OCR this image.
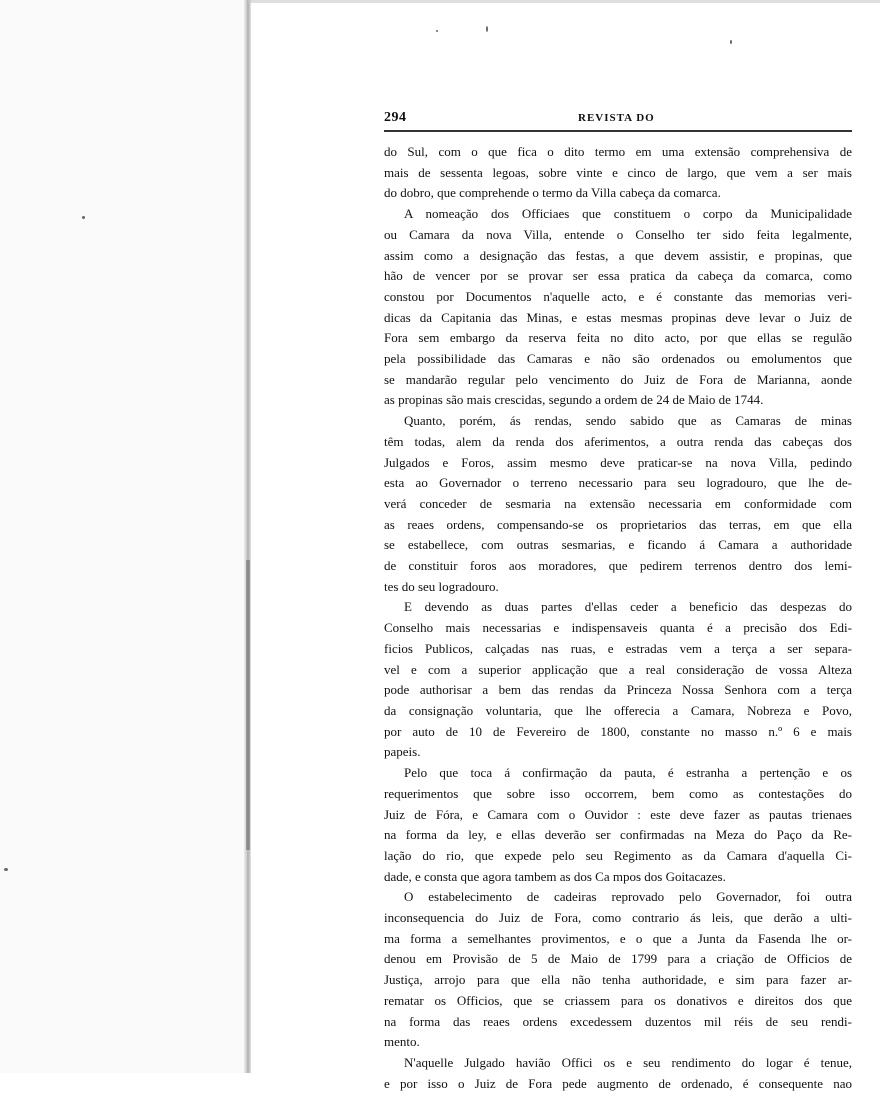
294	REVISTA DO

do Sul, com o que fica o dito termo em uma extensão comprehensiva de

mais de sessenta legoas, sobre vinte e cinco de largo, que vem a ser mais

do dobro, que comprehende o termo da Villa cabeça da comarca.

A nomeação dos Officiaes que constituem o corpo da Municipalidade

ou Camara da nova Villa, entende o Conselho ter sido feita legalmente,

assim como a designação das festas, a que devem assistir, e propinas, que

hão de vencer por se provar ser essa pratica da cabeça da comarca, como

constou por Documentos n'aquelle acto, e é constante das memorias veri-

dicas da Capitania das Minas, e estas mesmas propinas deve levar o Juiz de

Fora sem embargo da reserva feita no dito acto, por que ellas se regulão

pela possibilidade das Camaras e não são ordenados ou emolumentos que

se mandarão regular pelo vencimento do Juiz de Fora de Marianna, aonde

as propinas são mais crescidas, segundo a ordem de 24 de Maio de 1744.

Quanto, porém, ás rendas, sendo sabido que as Camaras de minas

têm todas, alem da renda dos aferimentos, a outra renda das cabeças dos

Julgados e Foros, assim mesmo deve praticar-se na nova Villa, pedindo

esta ao Governador o terreno necessario para seu logradouro, que lhe de-

verá conceder de sesmaria na extensão necessaria em conformidade com

as reaes ordens, compensando-se os proprietarios das terras, em que ella

se estabellece, com outras sesmarias, e ficando á Camara a authoridade

de constituir foros aos moradores, que pedirem terrenos dentro dos lemi-

tes do seu logradouro.

E devendo as duas partes d'ellas ceder a beneficio das despezas do

Conselho mais necessarias e indispensaveis quanta é a precisão dos Edi-

ficios Publicos, calçadas nas ruas, e estradas vem a terça a ser separa-

vel e com a superior applicação que a real consideração de vossa Alteza

pode authorisar a bem das rendas da Princeza Nossa Senhora com a terça

da consignação voluntaria, que lhe offerecia a Camara, Nobreza e Povo,

por auto de 10 de Fevereiro de 1800, constante no masso n.º 6 e mais

papeis.

Pelo que toca á confirmação da pauta, é estranha a pertenção e os

requerimentos que sobre isso occorrem, bem como as contestações do

Juiz de Fóra, e Camara com o Ouvidor : este deve fazer as pautas trienaes

na forma da ley, e ellas deverão ser confirmadas na Meza do Paço da Re-

lação do rio, que expede pelo seu Regimento as da Camara d'aquella Ci-

dade, e consta que agora tambem as dos Ca mpos dos Goitacazes.

O estabelecimento de cadeiras reprovado pelo Governador, foi outra

inconsequencia do Juiz de Fora, como contrario ás leis, que derão a ulti-

ma forma a semelhantes provimentos, e o que a Junta da Fasenda lhe or-

denou em Provisão de 5 de Maio de 1799 para a criação de Officios de

Justiça, arrojo para que ella não tenha authoridade, e sim para fazer ar-

rematar os Officios, que se criassem para os donativos e direitos dos que

na forma das reaes ordens excedessem duzentos mil réis de seu rendi-

mento.

N'aquelle Julgado havião Offici os e seu rendimento do logar é tenue,

e por isso o Juiz de Fora pede augmento de ordenado, é consequente nao
